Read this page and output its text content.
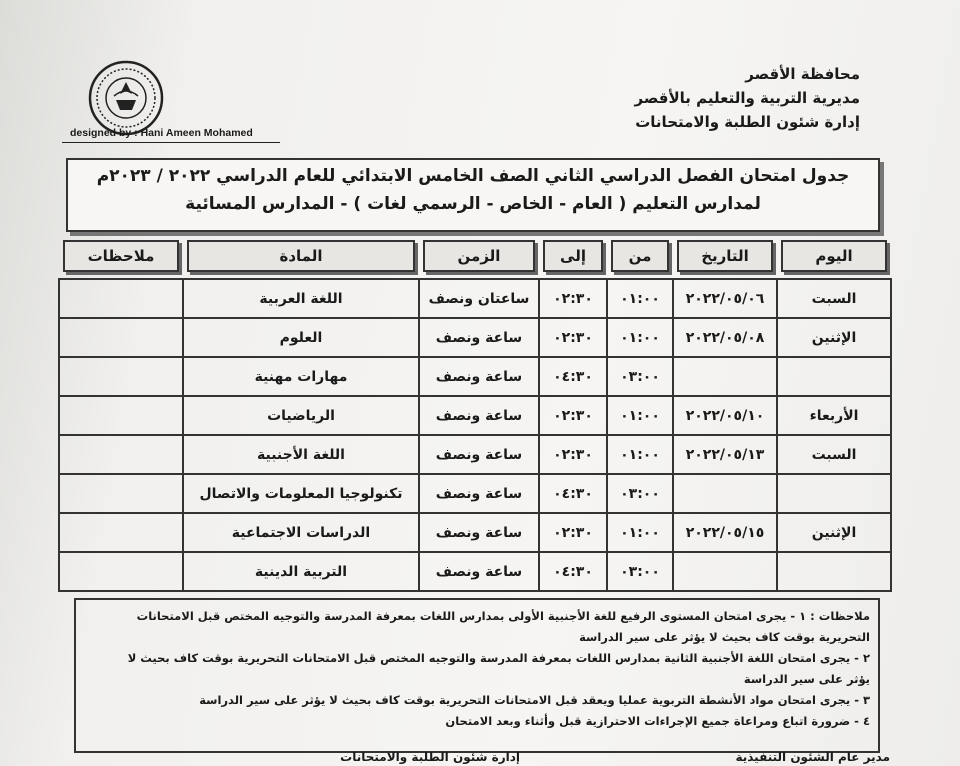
محافظة الأقصر
مديرية التربية والتعليم بالأقصر
إدارة شئون الطلبة والامتحانات
designed by : Hani Ameen Mohamed
جدول امتحان الفصل الدراسي الثاني الصف الخامس الابتدائي للعام الدراسي ٢٠٢٢ / ٢٠٢٣م
لمدارس التعليم ( العام - الخاص - الرسمي لغات ) - المدارس المسائية
اليوم	التاريخ	من	إلى	الزمن	المادة	ملاحظات

السبت	٢٠٢٢/٠٥/٠٦	٠١:٠٠	٠٢:٣٠	ساعتان ونصف	اللغة العربية	
الإثنين	٢٠٢٢/٠٥/٠٨	٠١:٠٠	٠٢:٣٠	ساعة ونصف	العلوم	
		٠٣:٠٠	٠٤:٣٠	ساعة ونصف	مهارات مهنية	
الأربعاء	٢٠٢٢/٠٥/١٠	٠١:٠٠	٠٢:٣٠	ساعة ونصف	الرياضيات	
السبت	٢٠٢٢/٠٥/١٣	٠١:٠٠	٠٢:٣٠	ساعة ونصف	اللغة الأجنبية	
		٠٣:٠٠	٠٤:٣٠	ساعة ونصف	تكنولوجيا المعلومات والاتصال	
الإثنين	٢٠٢٢/٠٥/١٥	٠١:٠٠	٠٢:٣٠	ساعة ونصف	الدراسات الاجتماعية	
		٠٣:٠٠	٠٤:٣٠	ساعة ونصف	التربية الدينية	
ملاحظات : ١ - يجرى امتحان المستوى الرفيع للغة الأجنبية الأولى بمدارس اللغات بمعرفة المدرسة والتوجيه المختص قبل الامتحانات
التحريرية بوقت كاف بحيث لا يؤثر على سير الدراسة
٢ - يجرى امتحان اللغة الأجنبية الثانية بمدارس اللغات بمعرفة المدرسة والتوجيه المختص قبل الامتحانات التحريرية بوقت كاف بحيث لا
يؤثر على سير الدراسة
٣ - يجرى امتحان مواد الأنشطة التربوية عمليا ويعقد قبل الامتحانات التحريرية بوقت كاف بحيث لا يؤثر على سير الدراسة
٤ - ضرورة اتباع ومراعاة جميع الإجراءات الاحترازية قبل وأثناء وبعد الامتحان
مدير عام الشئون التنفيذية
إدارة شئون الطلبة والامتحانات
